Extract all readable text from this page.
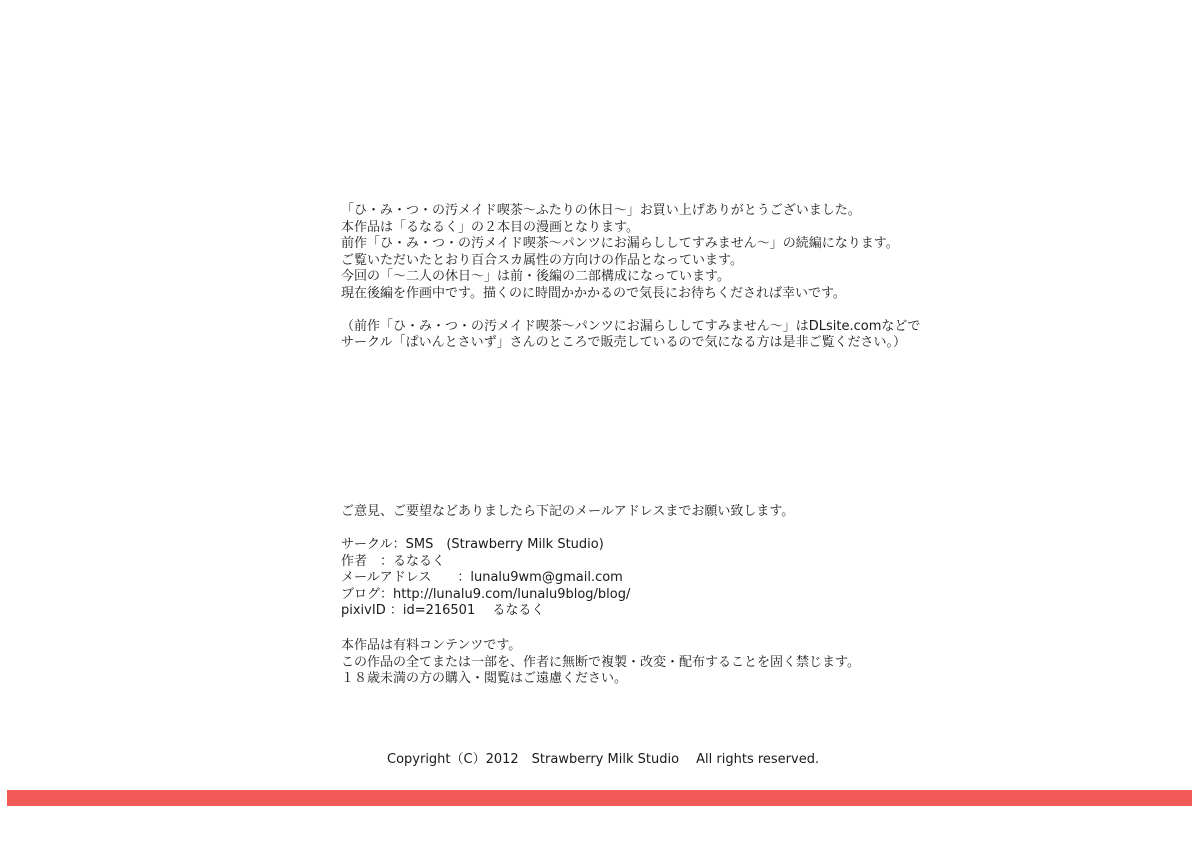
「ひ・み・つ・の汚メイド喫茶～ふたりの休日～」お買い上げありがとうございました。
本作品は「るなるく」の２本目の漫画となります。
前作「ひ・み・つ・の汚メイド喫茶～パンツにお漏らししてすみません～」の続編になります。
ご覧いただいたとおり百合スカ属性の方向けの作品となっています。
今回の「～二人の休日～」は前・後編の二部構成になっています。
現在後編を作画中です。描くのに時間かかかるので気長にお待ちくだされば幸いです。
（前作「ひ・み・つ・の汚メイド喫茶～パンツにお漏らししてすみません～」はDLsite.comなどで
サークル「ぱいんとさいず」さんのところで販売しているので気になる方は是非ご覧ください。）
ご意見、ご要望などありましたら下記のメールアドレスまでお願い致します。
サークル：SMS　(Strawberry Milk Studio)
作者　：るなるく
メールアドレス　　：lunalu9wm@gmail.com
ブログ：http://lunalu9.com/lunalu9blog/blog/
pixivID ：id=216501　 るなるく
本作品は有料コンテンツです。
この作品の全てまたは一部を、作者に無断で複製・改変・配布することを固く禁じます。
１８歳未満の方の購入・閲覧はご遠慮ください。

Copyright（C）2012　Strawberry Milk Studio　 All rights reserved.
